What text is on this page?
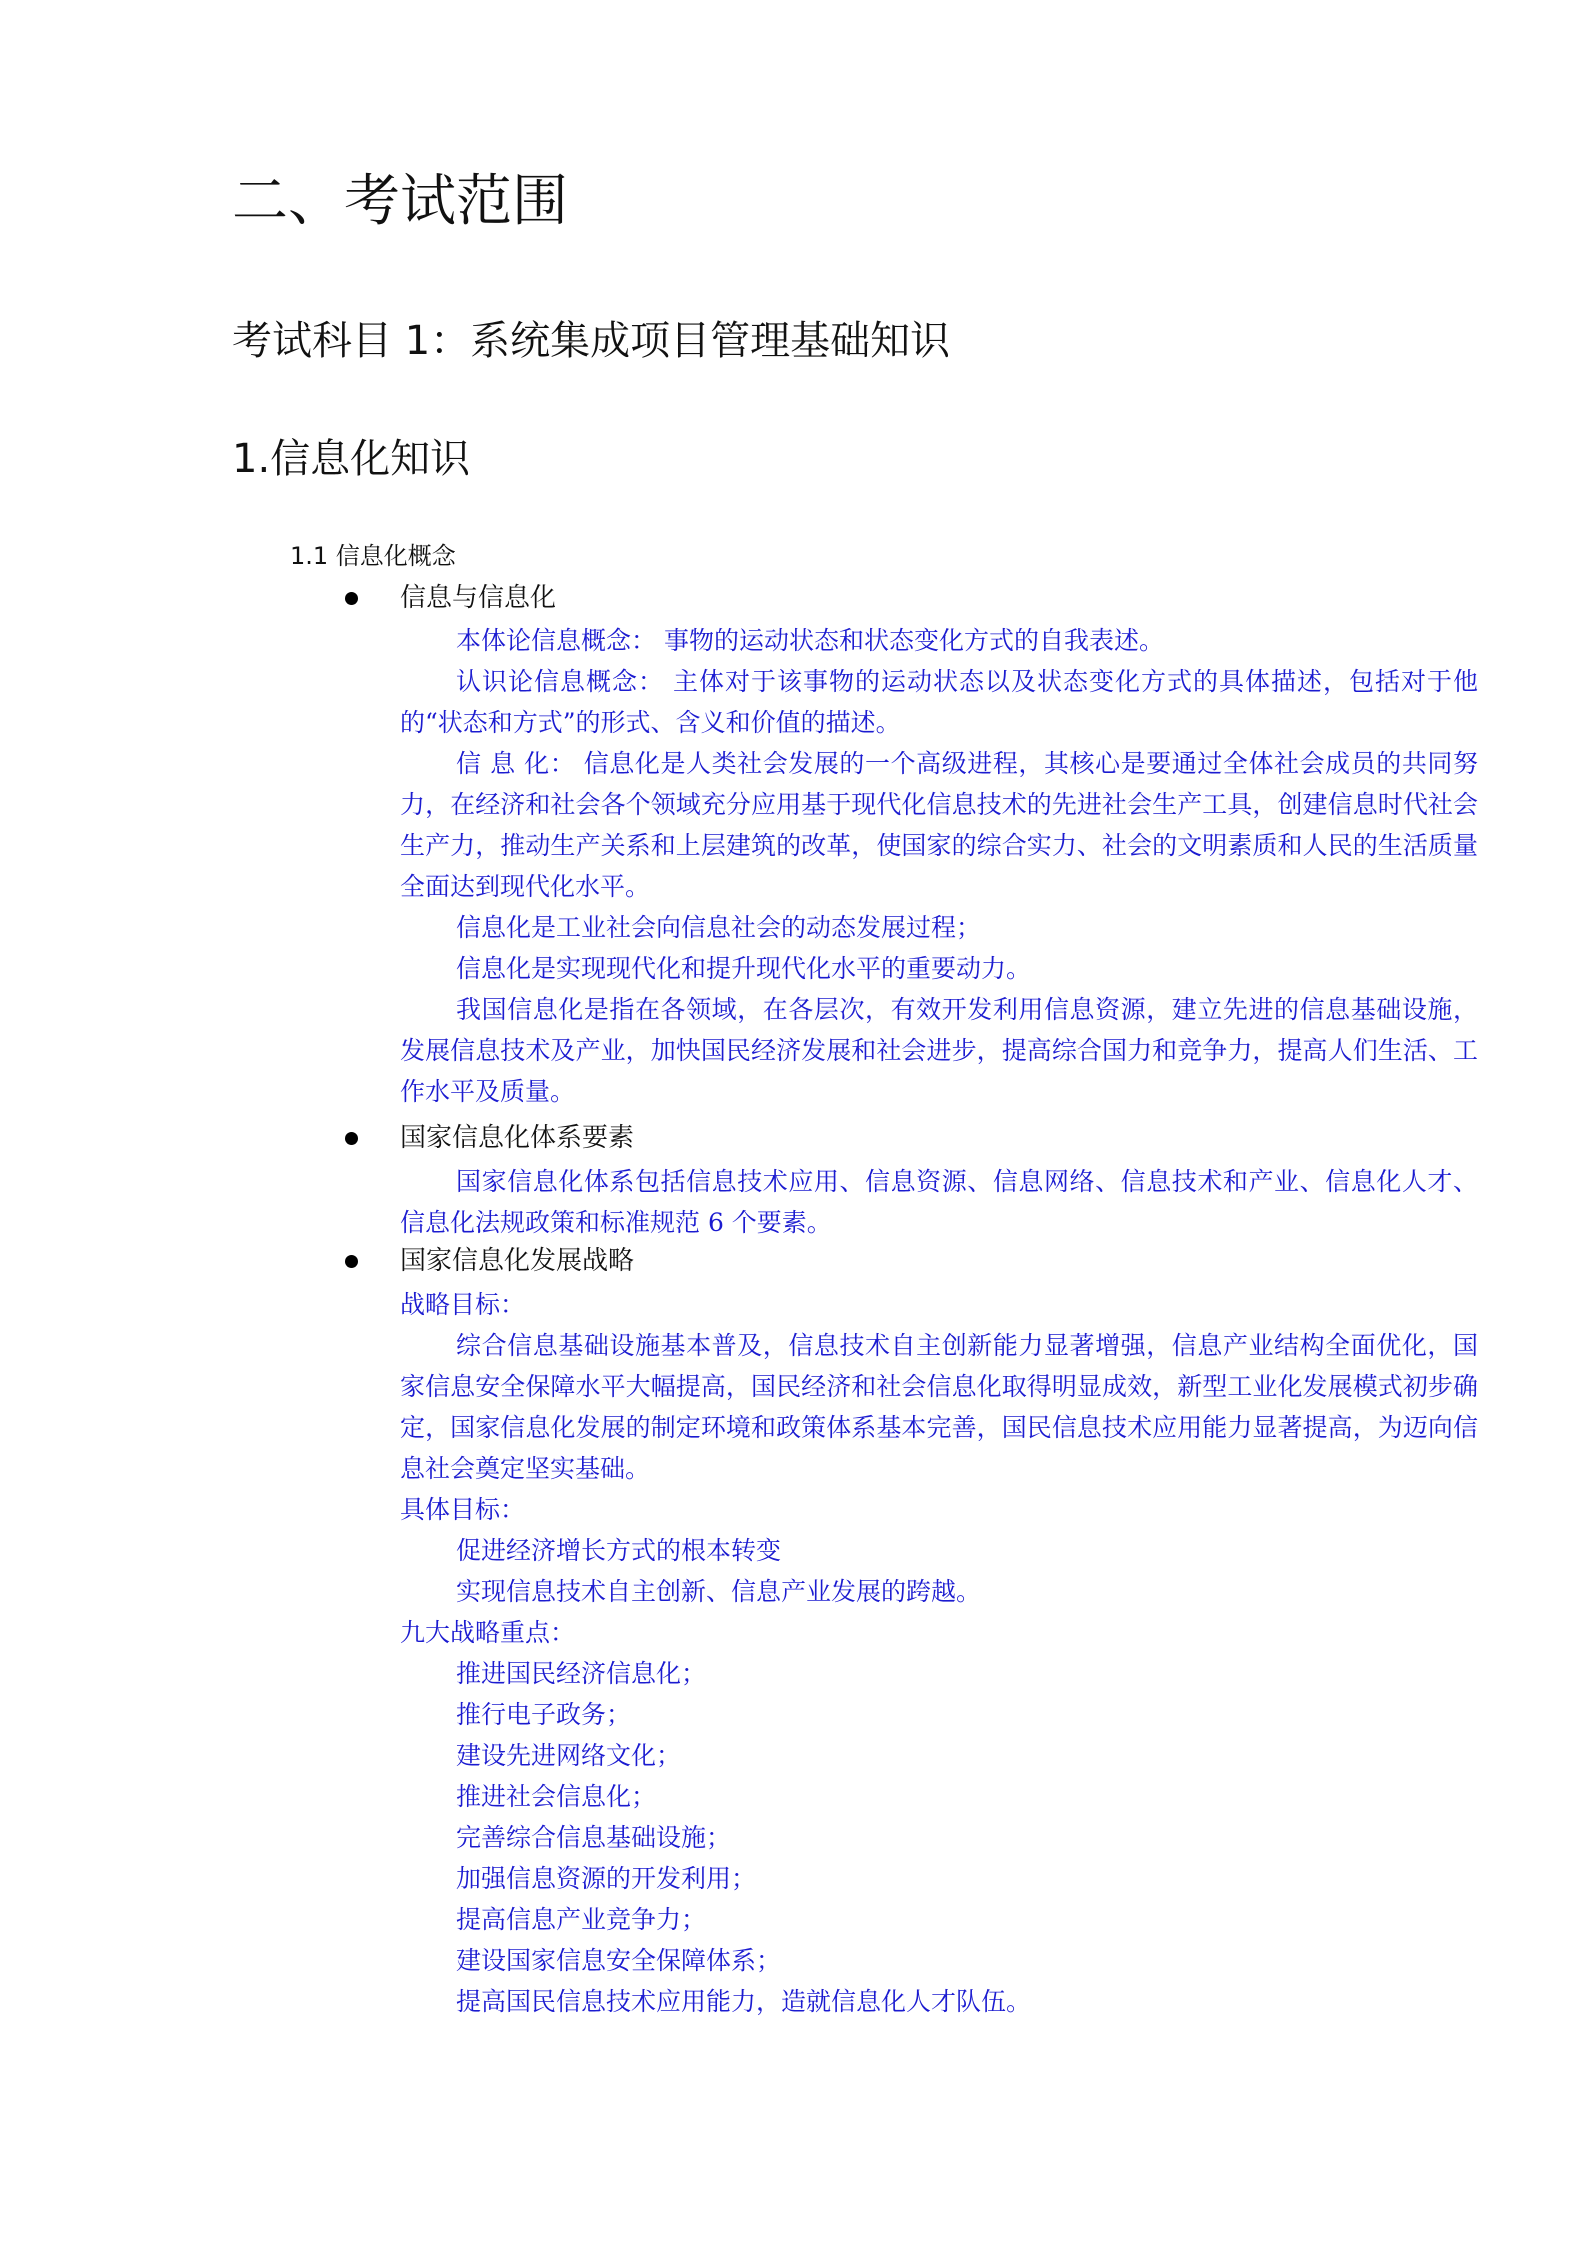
二、考试范围
考试科目 1：系统集成项目管理基础知识
1.信息化知识
1.1 信息化概念
信息与信息化

本体论信息概念： 事物的运动状态和状态变化方式的自我表述。

认识论信息概念： 主体对于该事物的运动状态以及状态变化方式的具体描述，包括对于他的“状态和方式”的形式、含义和价值的描述。

信 息 化： 信息化是人类社会发展的一个高级进程，其核心是要通过全体社会成员的共同努力，在经济和社会各个领域充分应用基于现代化信息技术的先进社会生产工具，创建信息时代社会生产力，推动生产关系和上层建筑的改革，使国家的综合实力、社会的文明素质和人民的生活质量全面达到现代化水平。

信息化是工业社会向信息社会的动态发展过程；

信息化是实现现代化和提升现代化水平的重要动力。

我国信息化是指在各领域，在各层次，有效开发利用信息资源，建立先进的信息基础设施，发展信息技术及产业，加快国民经济发展和社会进步，提高综合国力和竞争力，提高人们生活、工作水平及质量。

国家信息化体系要素

国家信息化体系包括信息技术应用、信息资源、信息网络、信息技术和产业、信息化人才、信息化法规政策和标准规范 6 个要素。

国家信息化发展战略
战略目标：

综合信息基础设施基本普及，信息技术自主创新能力显著增强，信息产业结构全面优化，国家信息安全保障水平大幅提高，国民经济和社会信息化取得明显成效，新型工业化发展模式初步确定，国家信息化发展的制定环境和政策体系基本完善，国民信息技术应用能力显著提高，为迈向信息社会奠定坚实基础。

具体目标：
促进经济增长方式的根本转变
实现信息技术自主创新、信息产业发展的跨越。
九大战略重点：
推进国民经济信息化；
推行电子政务；
建设先进网络文化；
推进社会信息化；
完善综合信息基础设施；
加强信息资源的开发利用；
提高信息产业竞争力；
建设国家信息安全保障体系；
提高国民信息技术应用能力，造就信息化人才队伍。
